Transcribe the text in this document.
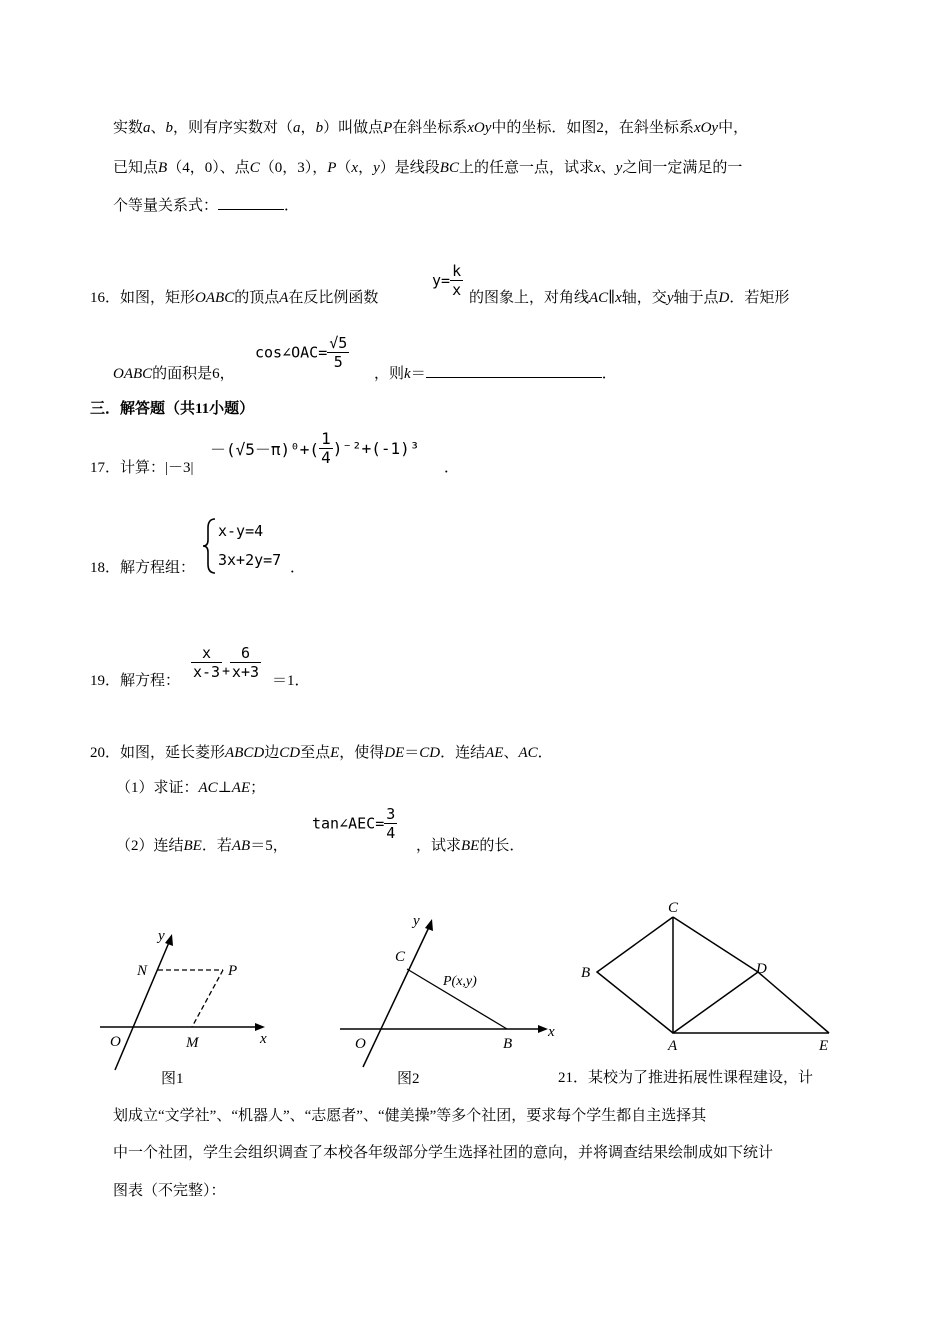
实数a、b，则有序实数对（a，b）叫做点P在斜坐标系xOy中的坐标．如图2，在斜坐标系xOy中，
已知点B（4，0）、点C（0，3），P（x，y）是线段BC上的任意一点，试求x、y之间一定满足的一
个等量关系式：	．
16．如图，矩形OABC的顶点A在反比例函数
$y= \frac{k}{x}$ 的图象上，对角线AC∥x轴，交y轴于点D．若矩形
OABC的面积是6，
cos∠OAC= $\frac{√5}{5}$
，则k＝	．
三．解答题（共11小题）
17．计算：|－3|
$-(√5-\pi)^0+( \frac{1}{4} )^{-2}+(-1)^3$
．
18．解方程组：
x-y=4
3x+2y=7 ．
19．解方程： $\frac{x}{x-3} + \frac{6}{x+3} =1$．
20．如图，延长菱形ABCD边CD至点E，使得DE＝CD．连结AE、AC．
（1）求证：AC⊥AE；
（2）连结BE．若AB＝5，
tan∠AEC= $\frac{3}{4}$
，试求BE的长．
y
x
N	P
O	M
图1
y
x
C
P(x,y)
O	B
图2
C
B	D
A	E
21．某校为了推进拓展性课程建设，计
划成立“文学社”、“机器人”、“志愿者”、“健美操”等多个社团，要求每个学生都自主选择其
中一个社团，学生会组织调查了本校各年级部分学生选择社团的意向，并将调查结果绘制成如下统计
图表（不完整）：
